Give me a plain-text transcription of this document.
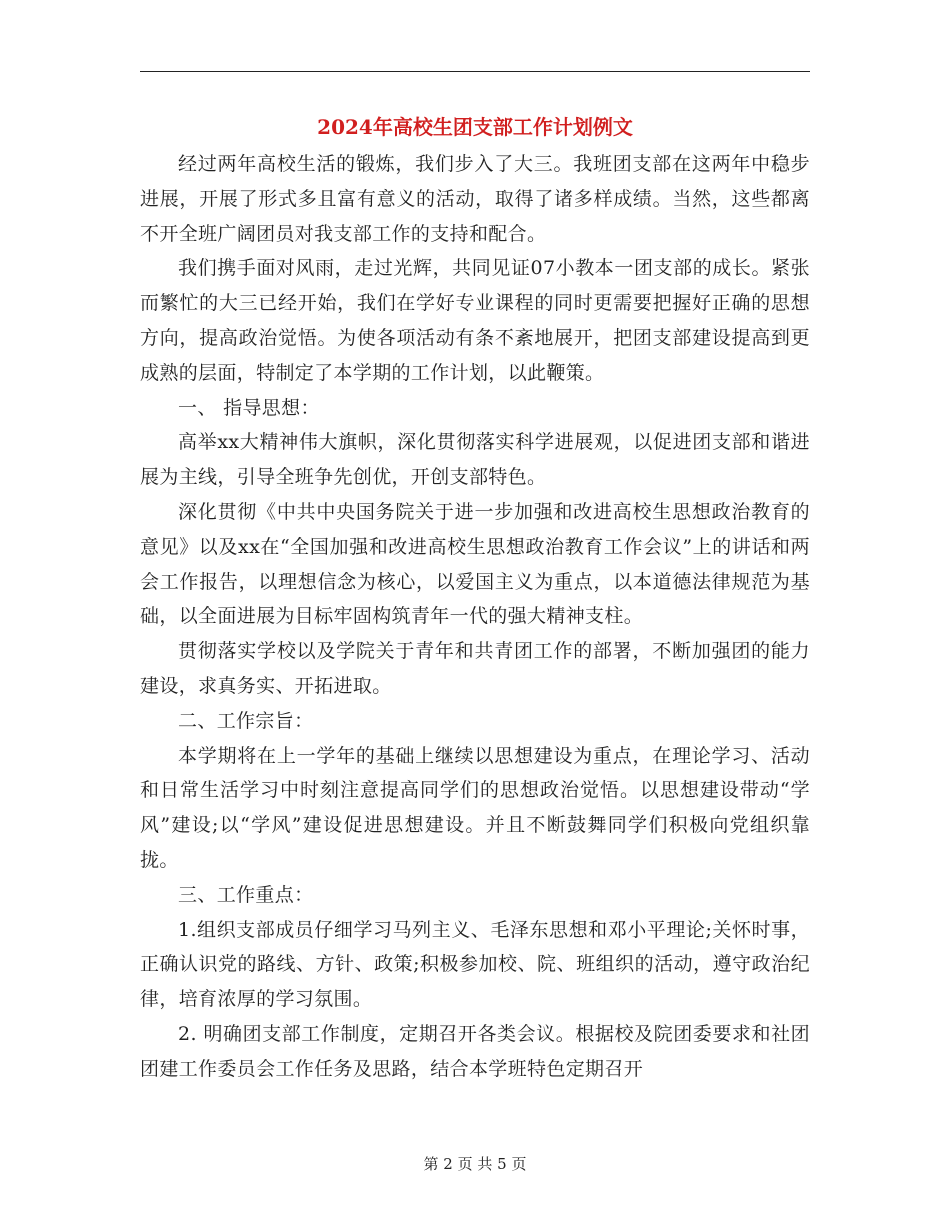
2024年高校生团支部工作计划例文

经过两年高校生活的锻炼，我们步入了大三。我班团支部在这两年中稳步进展，开展了形式多且富有意义的活动，取得了诸多样成绩。当然，这些都离不开全班广阔团员对我支部工作的支持和配合。

我们携手面对风雨，走过光辉，共同见证07小教本一团支部的成长。紧张而繁忙的大三已经开始，我们在学好专业课程的同时更需要把握好正确的思想方向，提高政治觉悟。为使各项活动有条不紊地展开，把团支部建设提高到更成熟的层面，特制定了本学期的工作计划，以此鞭策。

一、 指导思想：

高举xx大精神伟大旗帜，深化贯彻落实科学进展观，以促进团支部和谐进展为主线，引导全班争先创优，开创支部特色。

深化贯彻《中共中央国务院关于进一步加强和改进高校生思想政治教育的意见》以及xx在“全国加强和改进高校生思想政治教育工作会议”上的讲话和两会工作报告，以理想信念为核心，以爱国主义为重点，以本道德法律规范为基础，以全面进展为目标牢固构筑青年一代的强大精神支柱。

贯彻落实学校以及学院关于青年和共青团工作的部署，不断加强团的能力建设，求真务实、开拓进取。

二、工作宗旨：

本学期将在上一学年的基础上继续以思想建设为重点，在理论学习、活动和日常生活学习中时刻注意提高同学们的思想政治觉悟。以思想建设带动“学风”建设;以“学风”建设促进思想建设。并且不断鼓舞同学们积极向党组织靠拢。

三、工作重点：

1.组织支部成员仔细学习马列主义、毛泽东思想和邓小平理论;关怀时事，正确认识党的路线、方针、政策;积极参加校、院、班组织的活动，遵守政治纪律，培育浓厚的学习氛围。

2. 明确团支部工作制度，定期召开各类会议。根据校及院团委要求和社团团建工作委员会工作任务及思路，结合本学班特色定期召开

第 2 页 共 5 页
